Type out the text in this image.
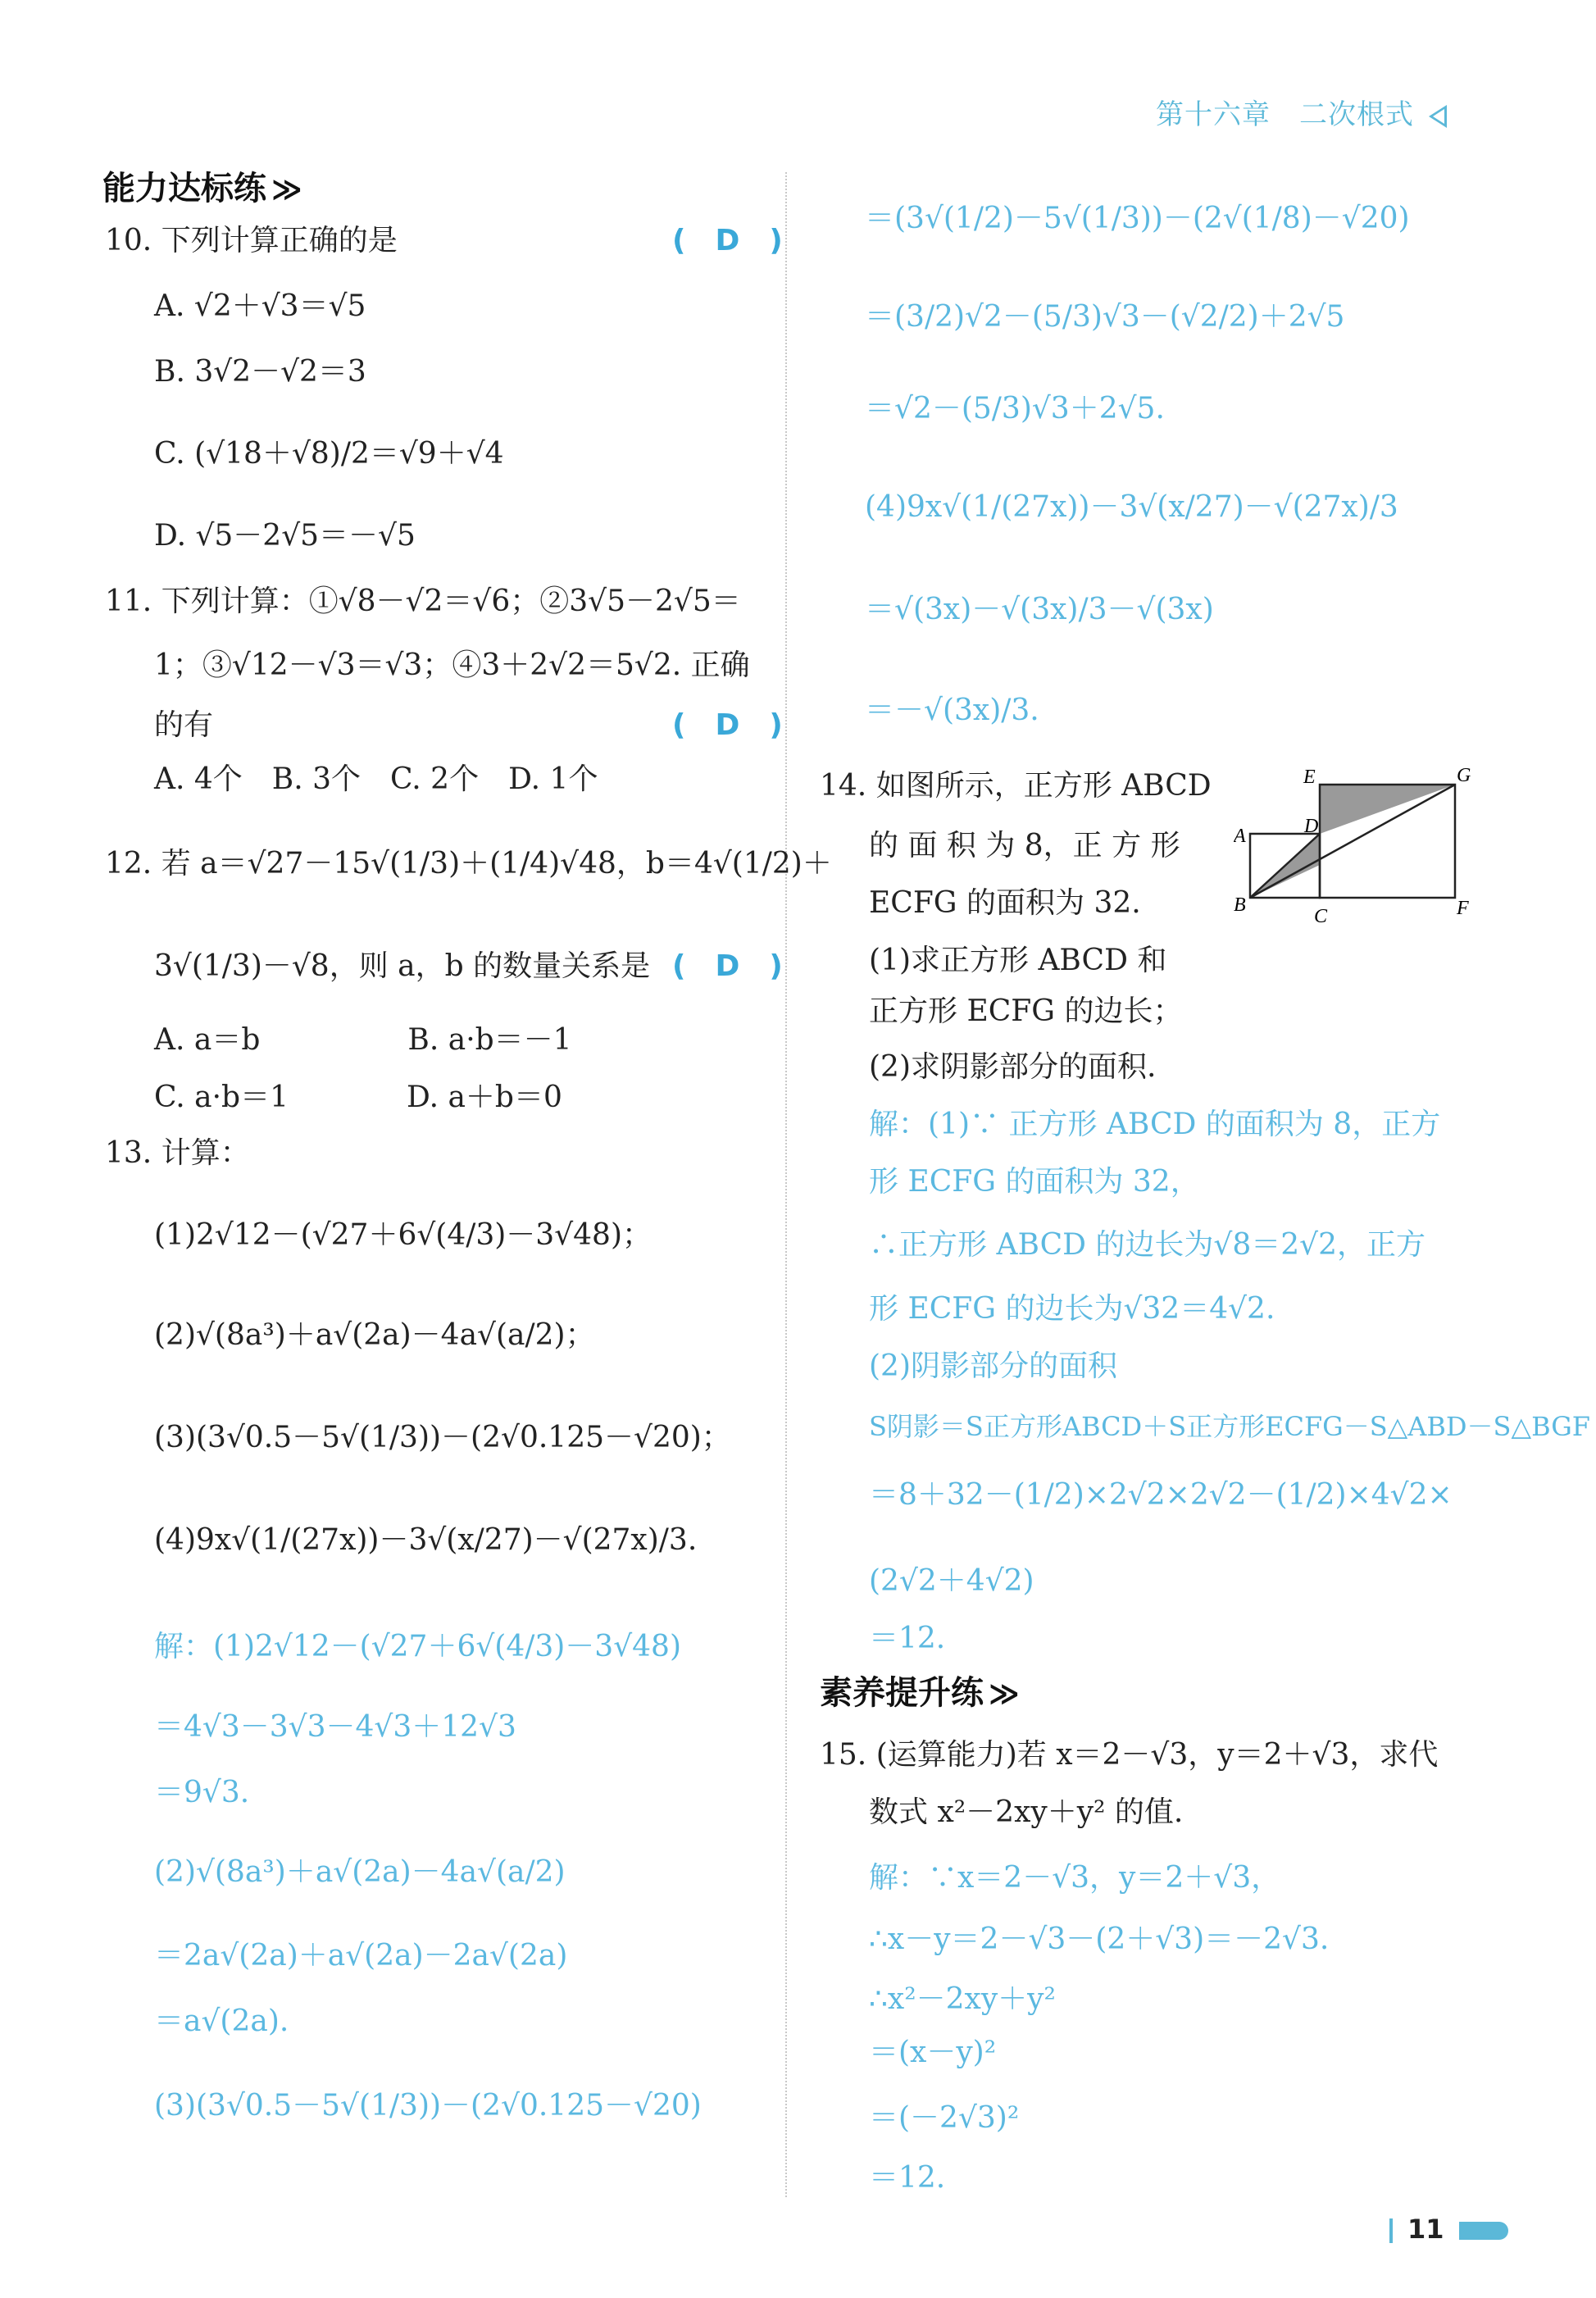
第十六章　二次根式
能力达标练 ≫
10. 下列计算正确的是	(　D　)
A. √2＋√3＝√5
B. 3√2－√2＝3
C. (√18＋√8)/2＝√9＋√4
D. √5－2√5＝－√5
11. 下列计算：①√8－√2＝√6；②3√5－2√5＝
1；③√12－√3＝√3；④3＋2√2＝5√2. 正确
的有	(　D　)
A. 4个　B. 3个　C. 2个　D. 1个
12. 若 a＝√27－15√(1/3)＋(1/4)√48，b＝4√(1/2)＋
3√(1/3)－√8，则 a，b 的数量关系是 (　D　)
A. a＝b　　　　　B. a·b＝－1
C. a·b＝1　　　　D. a＋b＝0
13. 计算：
(1)2√12－(√27＋6√(4/3)－3√48)；
(2)√(8a³)＋a√(2a)－4a√(a/2)；
(3)(3√0.5－5√(1/3))－(2√0.125－√20)；
(4)9x√(1/(27x))－3√(x/27)－√(27x)/3.
解：(1)2√12－(√27＋6√(4/3)－3√48)
＝4√3－3√3－4√3＋12√3
＝9√3.
(2)√(8a³)＋a√(2a)－4a√(a/2)
＝2a√(2a)＋a√(2a)－2a√(2a)
＝a√(2a).
(3)(3√0.5－5√(1/3))－(2√0.125－√20)
＝(3√(1/2)－5√(1/3))－(2√(1/8)－√20)
＝(3/2)√2－(5/3)√3－(√2/2)＋2√5
＝√2－(5/3)√3＋2√5.
(4)9x√(1/(27x))－3√(x/27)－√(27x)/3
＝√(3x)－√(3x)/3－√(3x)
＝－√(3x)/3.
14. 如图所示，正方形 ABCD
的 面 积 为 8，正 方 形
ECFG 的面积为 32.
(1)求正方形 ABCD 和
正方形 ECFG 的边长；
(2)求阴影部分的面积.
E	G
D
A
B
C	F
解：(1)∵ 正方形 ABCD 的面积为 8，正方
形 ECFG 的面积为 32，
∴正方形 ABCD 的边长为√8＝2√2，正方
形 ECFG 的边长为√32＝4√2.
(2)阴影部分的面积
S阴影＝S正方形ABCD＋S正方形ECFG－S△ABD－S△BGF
＝8＋32－(1/2)×2√2×2√2－(1/2)×4√2×
(2√2＋4√2)
＝12.
素养提升练 ≫
15. (运算能力)若 x＝2－√3，y＝2＋√3，求代
数式 x²－2xy＋y² 的值.
解：∵x＝2－√3，y＝2＋√3，
∴x－y＝2－√3－(2＋√3)＝－2√3.
∴x²－2xy＋y²
＝(x－y)²
＝(－2√3)²
＝12.
11
